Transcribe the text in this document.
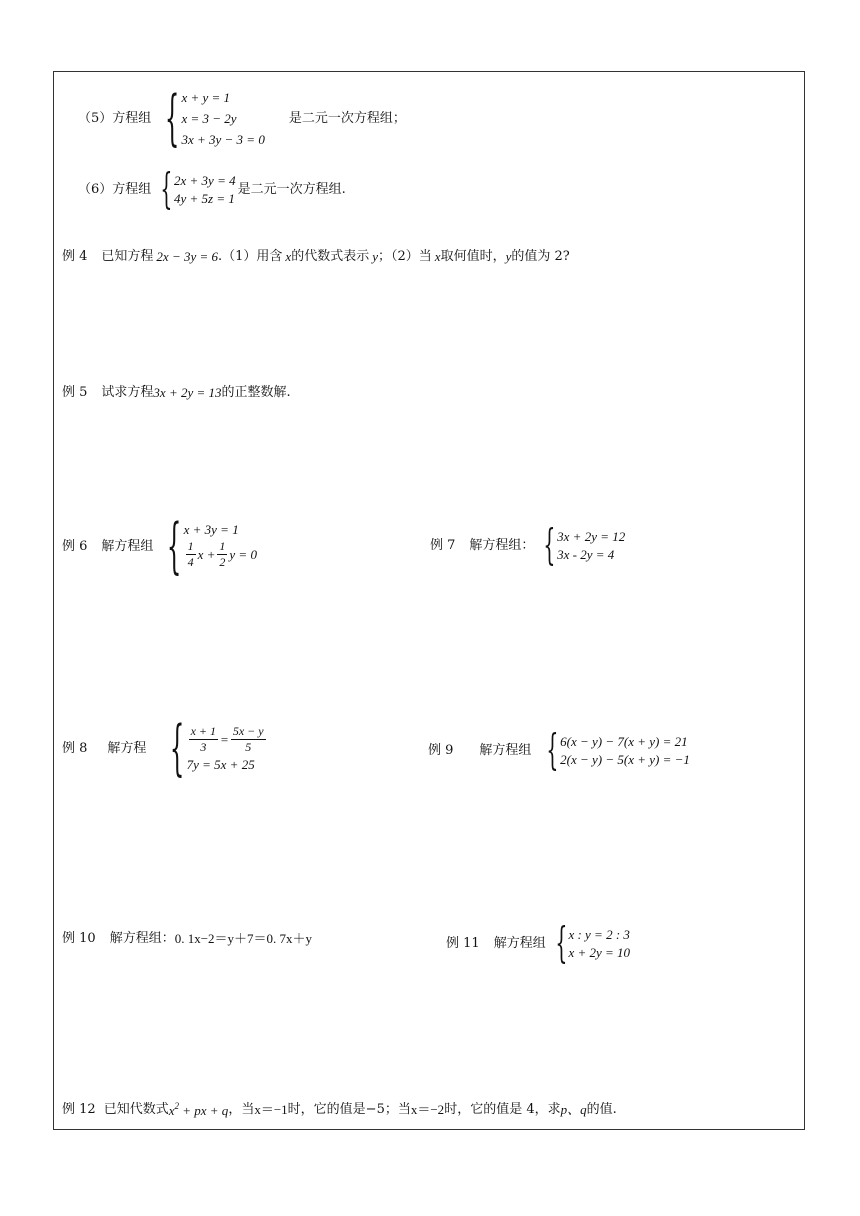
（5）方程组 { x + y = 1
x = 3 − 2y
3x + 3y − 3 = 0
是二元一次方程组；
（6）方程组 { 2x + 3y = 4
4y + 5z = 1
是二元一次方程组.
例 4 已知方程 2x − 3y = 6 .（1）用含 x 的代数式表示 y ；（2）当 x 取何值时， y 的值为 2?
例 5 试求方程 3x + 2y = 13 的正整数解.
例 6 解方程组 { x + 3y = 1
$\frac{1}{4}$ $x + \frac{1}{2}$ y = 0
例 7 解方程组： { 3x + 2y = 12
3x - 2y = 4
例 8 解方程 { $\frac{x + 1}{3} = \frac{5x - y}{5}$
7y = 5x + 25
例 9 解方程组 { 6(x − y) − 7(x + y) = 21
2(x − y) − 5(x + y) = −1
例 10 解方程组： 0. 1x−2＝y＋7＝0. 7x＋y	例 11 解方程组 { x : y = 2 : 3
x + 2y = 10
例 12 已知代数式 $x^2$ + px + q ，当 x＝−1 时，它的值是−5；当 x＝−2 时，它的值是 4，求 p、q 的值.
